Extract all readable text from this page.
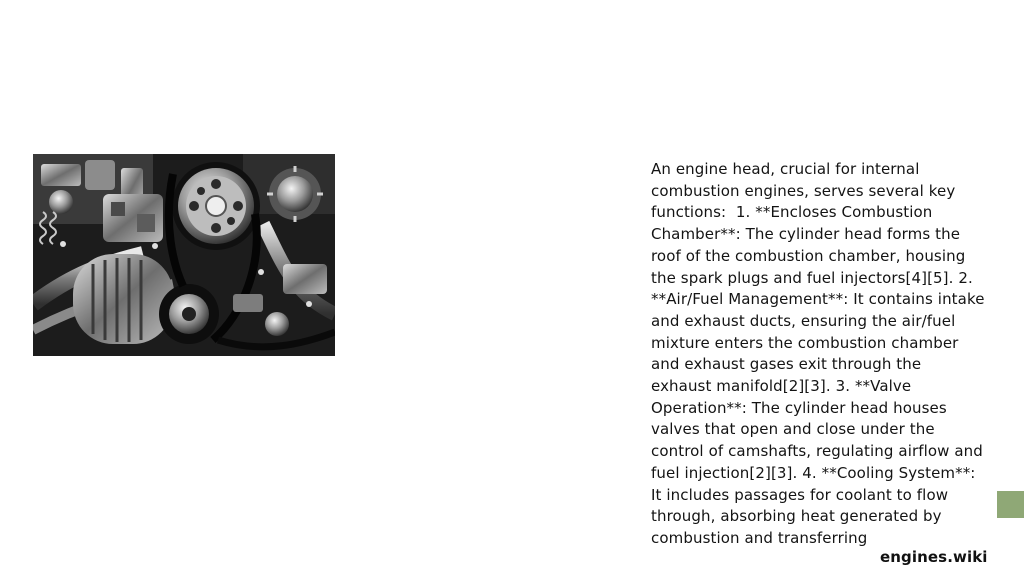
An engine head, crucial for internal combustion engines, serves several key functions:  1. **Encloses Combustion Chamber**: The cylinder head forms the roof of the combustion chamber, housing the spark plugs and fuel injectors[4][5]. 2. **Air/Fuel Management**: It contains intake and exhaust ducts, ensuring the air/fuel mixture enters the combustion chamber and exhaust gases exit through the exhaust manifold[2][3]. 3. **Valve Operation**: The cylinder head houses valves that open and close under the control of camshafts, regulating airflow and fuel injection[2][3]. 4. **Cooling System**: It includes passages for coolant to flow through, absorbing heat generated by combustion and transferring
engines.wiki
